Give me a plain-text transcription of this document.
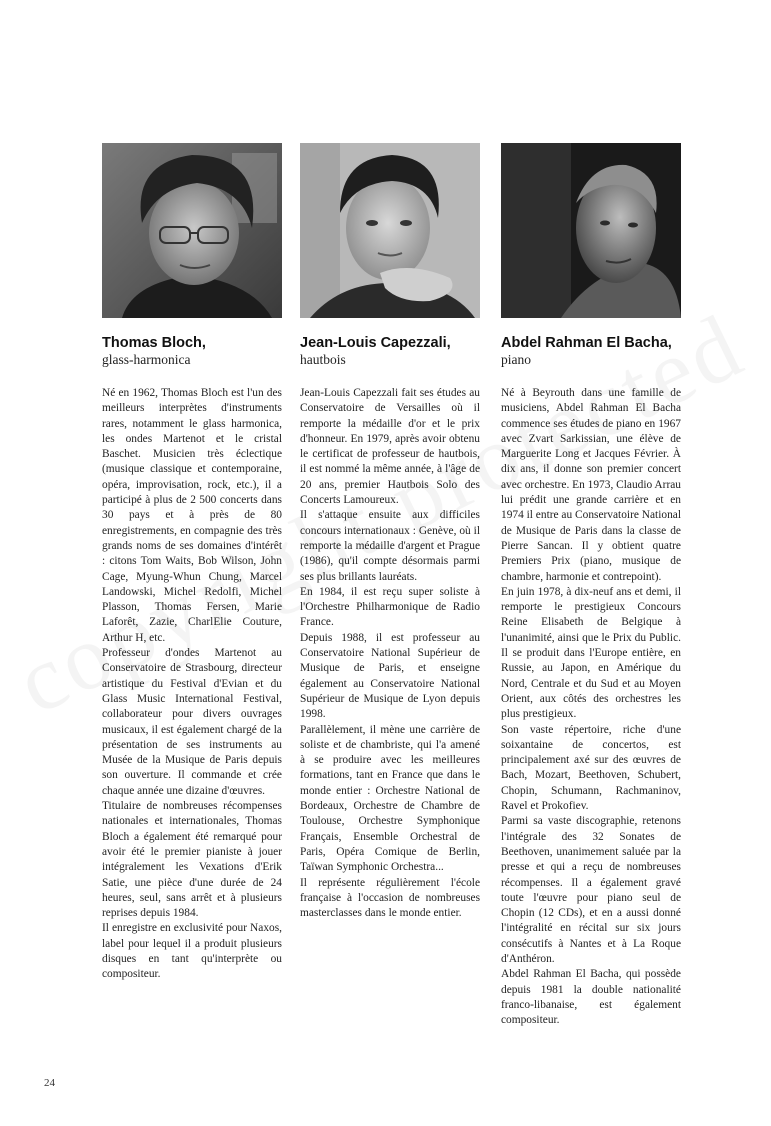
Thomas Bloch,
glass-harmonica

Né en 1962, Thomas Bloch est l'un des meilleurs interprètes d'instruments rares, notamment le glass harmonica, les ondes Martenot et le cristal Baschet. Musicien très éclectique (musique classique et contemporaine, opéra, improvisation, rock, etc.), il a participé à plus de 2 500 concerts dans 30 pays et à près de 80 enregistrements, en compagnie des très grands noms de ses domaines d'intérêt : citons Tom Waits, Bob Wilson, John Cage, Myung-Whun Chung, Marcel Landowski, Michel Redolfi, Michel Plasson, Thomas Fersen, Marie Laforêt, Zazie, CharlElie Couture, Arthur H, etc.

Professeur d'ondes Martenot au Conservatoire de Strasbourg, directeur artistique du Festival d'Evian et du Glass Music International Festival, collaborateur pour divers ouvrages musicaux, il est également chargé de la présentation de ses instruments au Musée de la Musique de Paris depuis son ouverture. Il commande et crée chaque année une dizaine d'œuvres.

Titulaire de nombreuses récompenses nationales et internationales, Thomas Bloch a également été remarqué pour avoir été le premier pianiste à jouer intégralement les Vexations d'Erik Satie, une pièce d'une durée de 24 heures, seul, sans arrêt et à plusieurs reprises depuis 1984.

Il enregistre en exclusivité pour Naxos, label pour lequel il a produit plusieurs disques en tant qu'interprète ou compositeur.

Jean-Louis Capezzali,
hautbois

Jean-Louis Capezzali fait ses études au Conservatoire de Versailles où il remporte la médaille d'or et le prix d'honneur. En 1979, après avoir obtenu le certificat de professeur de hautbois, il est nommé la même année, à l'âge de 20 ans, premier Hautbois Solo des Concerts Lamoureux.

Il s'attaque ensuite aux difficiles concours internationaux : Genève, où il remporte la médaille d'argent et Prague (1986), qu'il compte désormais parmi ses plus brillants lauréats.

En 1984, il est reçu super soliste à l'Orchestre Philharmonique de Radio France.

Depuis 1988, il est professeur au Conservatoire National Supérieur de Musique de Paris, et enseigne également au Conservatoire National Supérieur de Musique de Lyon depuis 1998.

Parallèlement, il mène une carrière de soliste et de chambriste, qui l'a amené à se produire avec les meilleures formations, tant en France que dans le monde entier : Orchestre National de Bordeaux, Orchestre de Chambre de Toulouse, Orchestre Symphonique Français, Ensemble Orchestral de Paris, Opéra Comique de Berlin, Taïwan Symphonic Orchestra...

Il représente régulièrement l'école française à l'occasion de nombreuses masterclasses dans le monde entier.

Abdel Rahman El Bacha,
piano

Né à Beyrouth dans une famille de musiciens, Abdel Rahman El Bacha commence ses études de piano en 1967 avec Zvart Sarkissian, une élève de Marguerite Long et Jacques Février. À dix ans, il donne son premier concert avec orchestre. En 1973, Claudio Arrau lui prédit une grande carrière et en 1974 il entre au Conservatoire National de Musique de Paris dans la classe de Pierre Sancan. Il y obtient quatre Premiers Prix (piano, musique de chambre, harmonie et contrepoint).

En juin 1978, à dix-neuf ans et demi, il remporte le prestigieux Concours Reine Elisabeth de Belgique à l'unanimité, ainsi que le Prix du Public. Il se produit dans l'Europe entière, en Russie, au Japon, en Amérique du Nord, Centrale et du Sud et au Moyen Orient, aux côtés des orchestres les plus prestigieux.

Son vaste répertoire, riche d'une soixantaine de concertos, est principalement axé sur des œuvres de Bach, Mozart, Beethoven, Schubert, Chopin, Schumann, Rachmaninov, Ravel et Prokofiev.

Parmi sa vaste discographie, retenons l'intégrale des 32 Sonates de Beethoven, unanimement saluée par la presse et qui a reçu de nombreuses récompenses. Il a également gravé toute l'œuvre pour piano seul de Chopin (12 CDs), et en a aussi donné l'intégralité en récital sur six jours consécutifs à Nantes et à La Roque d'Anthéron.

Abdel Rahman El Bacha, qui possède depuis 1981 la double nationalité franco-libanaise, est également compositeur.

24
